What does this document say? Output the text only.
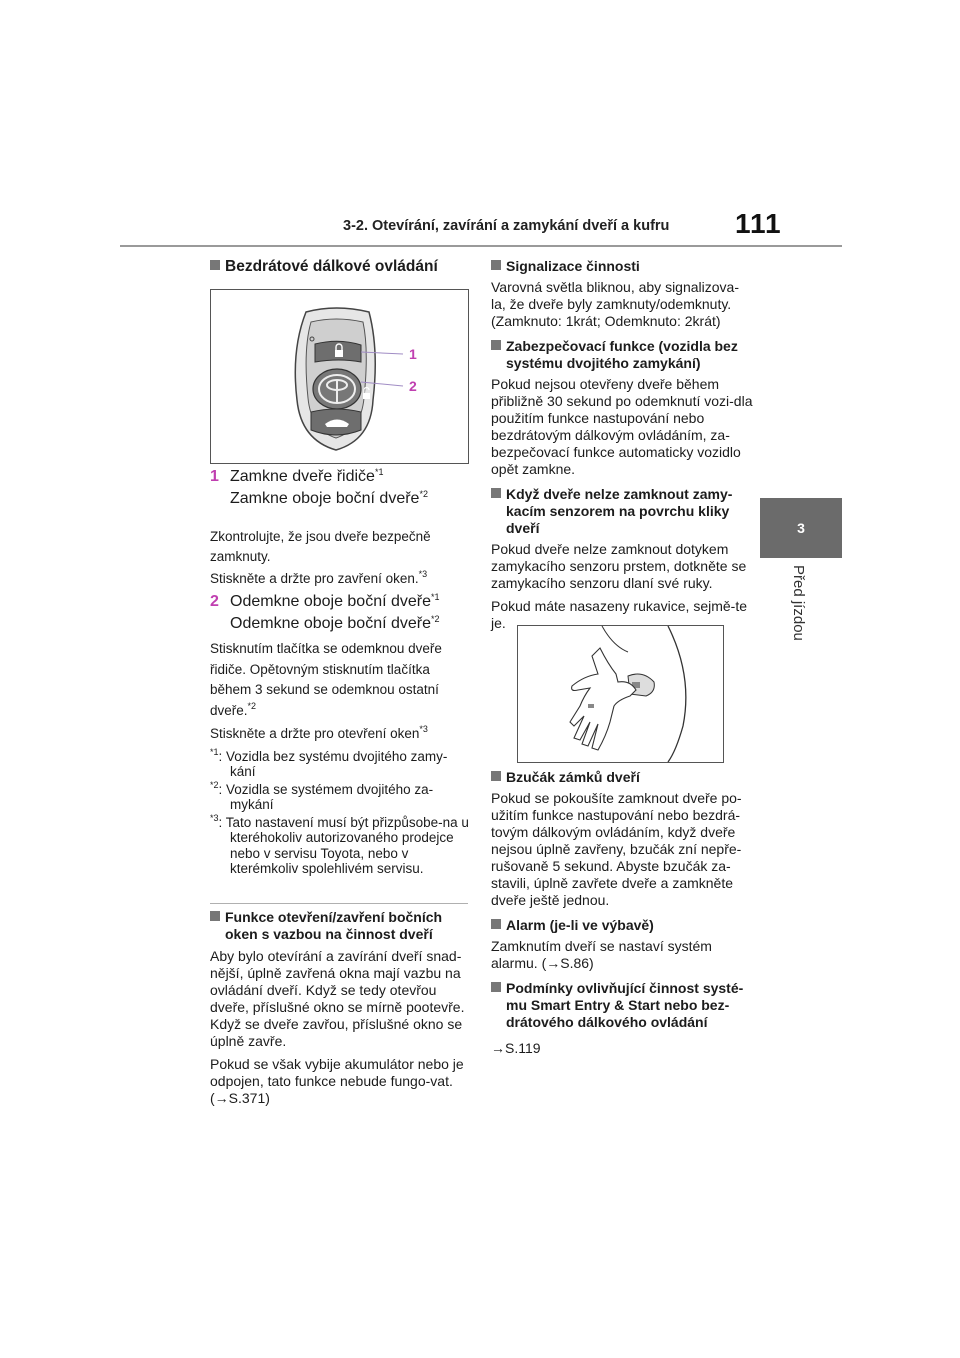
3-2. Otevírání, zavírání a zamykání dveří a kufru 111
3
Před jízdou
Bezdrátové dálkové ovládání
1
2
1 Zamkne dveře řidiče$^{*1}$
Zamkne oboje boční dveře$^{*2}$
Zkontrolujte, že jsou dveře bezpečně
zamknuty.
Stiskněte a držte pro zavření oken.$^{*3}$
2 Odemkne oboje boční dveře$^{*1}$
Odemkne oboje boční dveře$^{*2}$
Stisknutím tlačítka se odemknou dveře
řidiče. Opětovným stisknutím tlačítka
během 3 sekund se odemknou ostatní
dveře.$^{*2}$
Stiskněte a držte pro otevření oken$^{*3}$
$^{*1}$: Vozidla bez systému dvojitého zamy-kání
$^{*2}$: Vozidla se systémem dvojitého za-mykání
$^{*3}$: Tato nastavení musí být přizpůsobe-na u kteréhokoliv autorizovaného prodejce nebo v servisu Toyota, nebo v kterémkoliv spolehlivém servisu.
Funkce otevření/zavření bočních oken s vazbou na činnost dveří

Aby bylo otevírání a zavírání dveří snad-nější, úplně zavřená okna mají vazbu na ovládání dveří. Když se tedy otevřou dveře, příslušné okno se mírně pootevře. Když se dveře zavřou, příslušné okno se úplně zavře.

Pokud se však vybije akumulátor nebo je odpojen, tato funkce nebude fungo-vat. (→S.371)

Signalizace činnosti

Varovná světla bliknou, aby signalizova-la, že dveře byly zamknuty/odemknuty. (Zamknuto: 1krát; Odemknuto: 2krát)

Zabezpečovací funkce (vozidla bez systému dvojitého zamykání)

Pokud nejsou otevřeny dveře během přibližně 30 sekund po odemknutí vozi-dla použitím funkce nastupování nebo bezdrátovým dálkovým ovládáním, za-bezpečovací funkce automaticky vozidlo opět zamkne.

Když dveře nelze zamknout zamy-kacím senzorem na povrchu kliky dveří

Pokud dveře nelze zamknout dotykem zamykacího senzoru prstem, dotkněte se zamykacího senzoru dlaní své ruky.

Pokud máte nasazeny rukavice, sejmě-te je.

Bzučák zámků dveří

Pokud se pokoušíte zamknout dveře po-užitím funkce nastupování nebo bezdrá-tovým dálkovým ovládáním, když dveře nejsou úplně zavřeny, bzučák zní nepře-rušovaně 5 sekund. Abyste bzučák za-stavili, úplně zavřete dveře a zamkněte dveře ještě jednou.

Alarm (je-li ve výbavě)

Zamknutím dveří se nastaví systém alarmu. (→S.86)

Podmínky ovlivňující činnost systé-mu Smart Entry & Start nebo bez-drátového dálkového ovládání

→S.119
